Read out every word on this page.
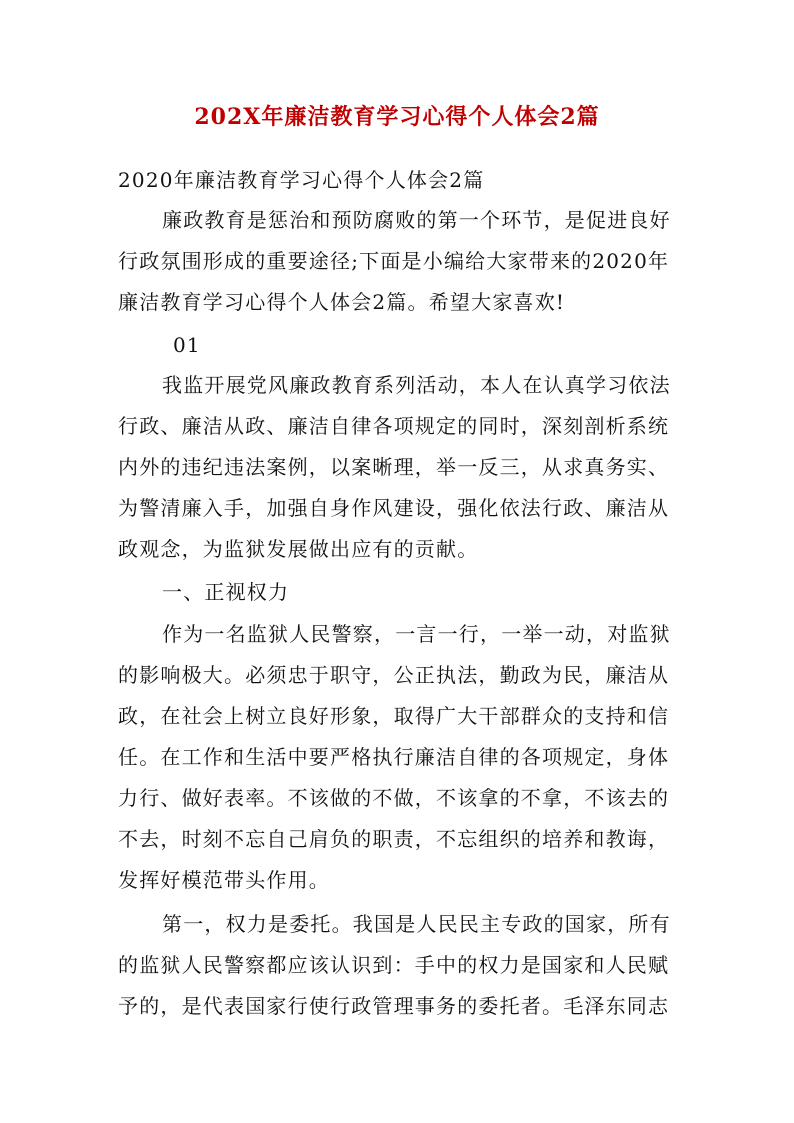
202X年廉洁教育学习心得个人体会2篇
2020年廉洁教育学习心得个人体会2篇
廉政教育是惩治和预防腐败的第一个环节，是促进良好
行政氛围形成的重要途径;下面是小编给大家带来的2020年
廉洁教育学习心得个人体会2篇。希望大家喜欢!
01
我监开展党风廉政教育系列活动，本人在认真学习依法
行政、廉洁从政、廉洁自律各项规定的同时，深刻剖析系统
内外的违纪违法案例，以案晰理，举一反三，从求真务实、
为警清廉入手，加强自身作风建设，强化依法行政、廉洁从
政观念，为监狱发展做出应有的贡献。
一、正视权力
作为一名监狱人民警察，一言一行，一举一动，对监狱
的影响极大。必须忠于职守，公正执法，勤政为民，廉洁从
政，在社会上树立良好形象，取得广大干部群众的支持和信
任。在工作和生活中要严格执行廉洁自律的各项规定，身体
力行、做好表率。不该做的不做，不该拿的不拿，不该去的
不去，时刻不忘自己肩负的职责，不忘组织的培养和教诲，
发挥好模范带头作用。
第一，权力是委托。我国是人民民主专政的国家，所有
的监狱人民警察都应该认识到：手中的权力是国家和人民赋
予的，是代表国家行使行政管理事务的委托者。毛泽东同志
